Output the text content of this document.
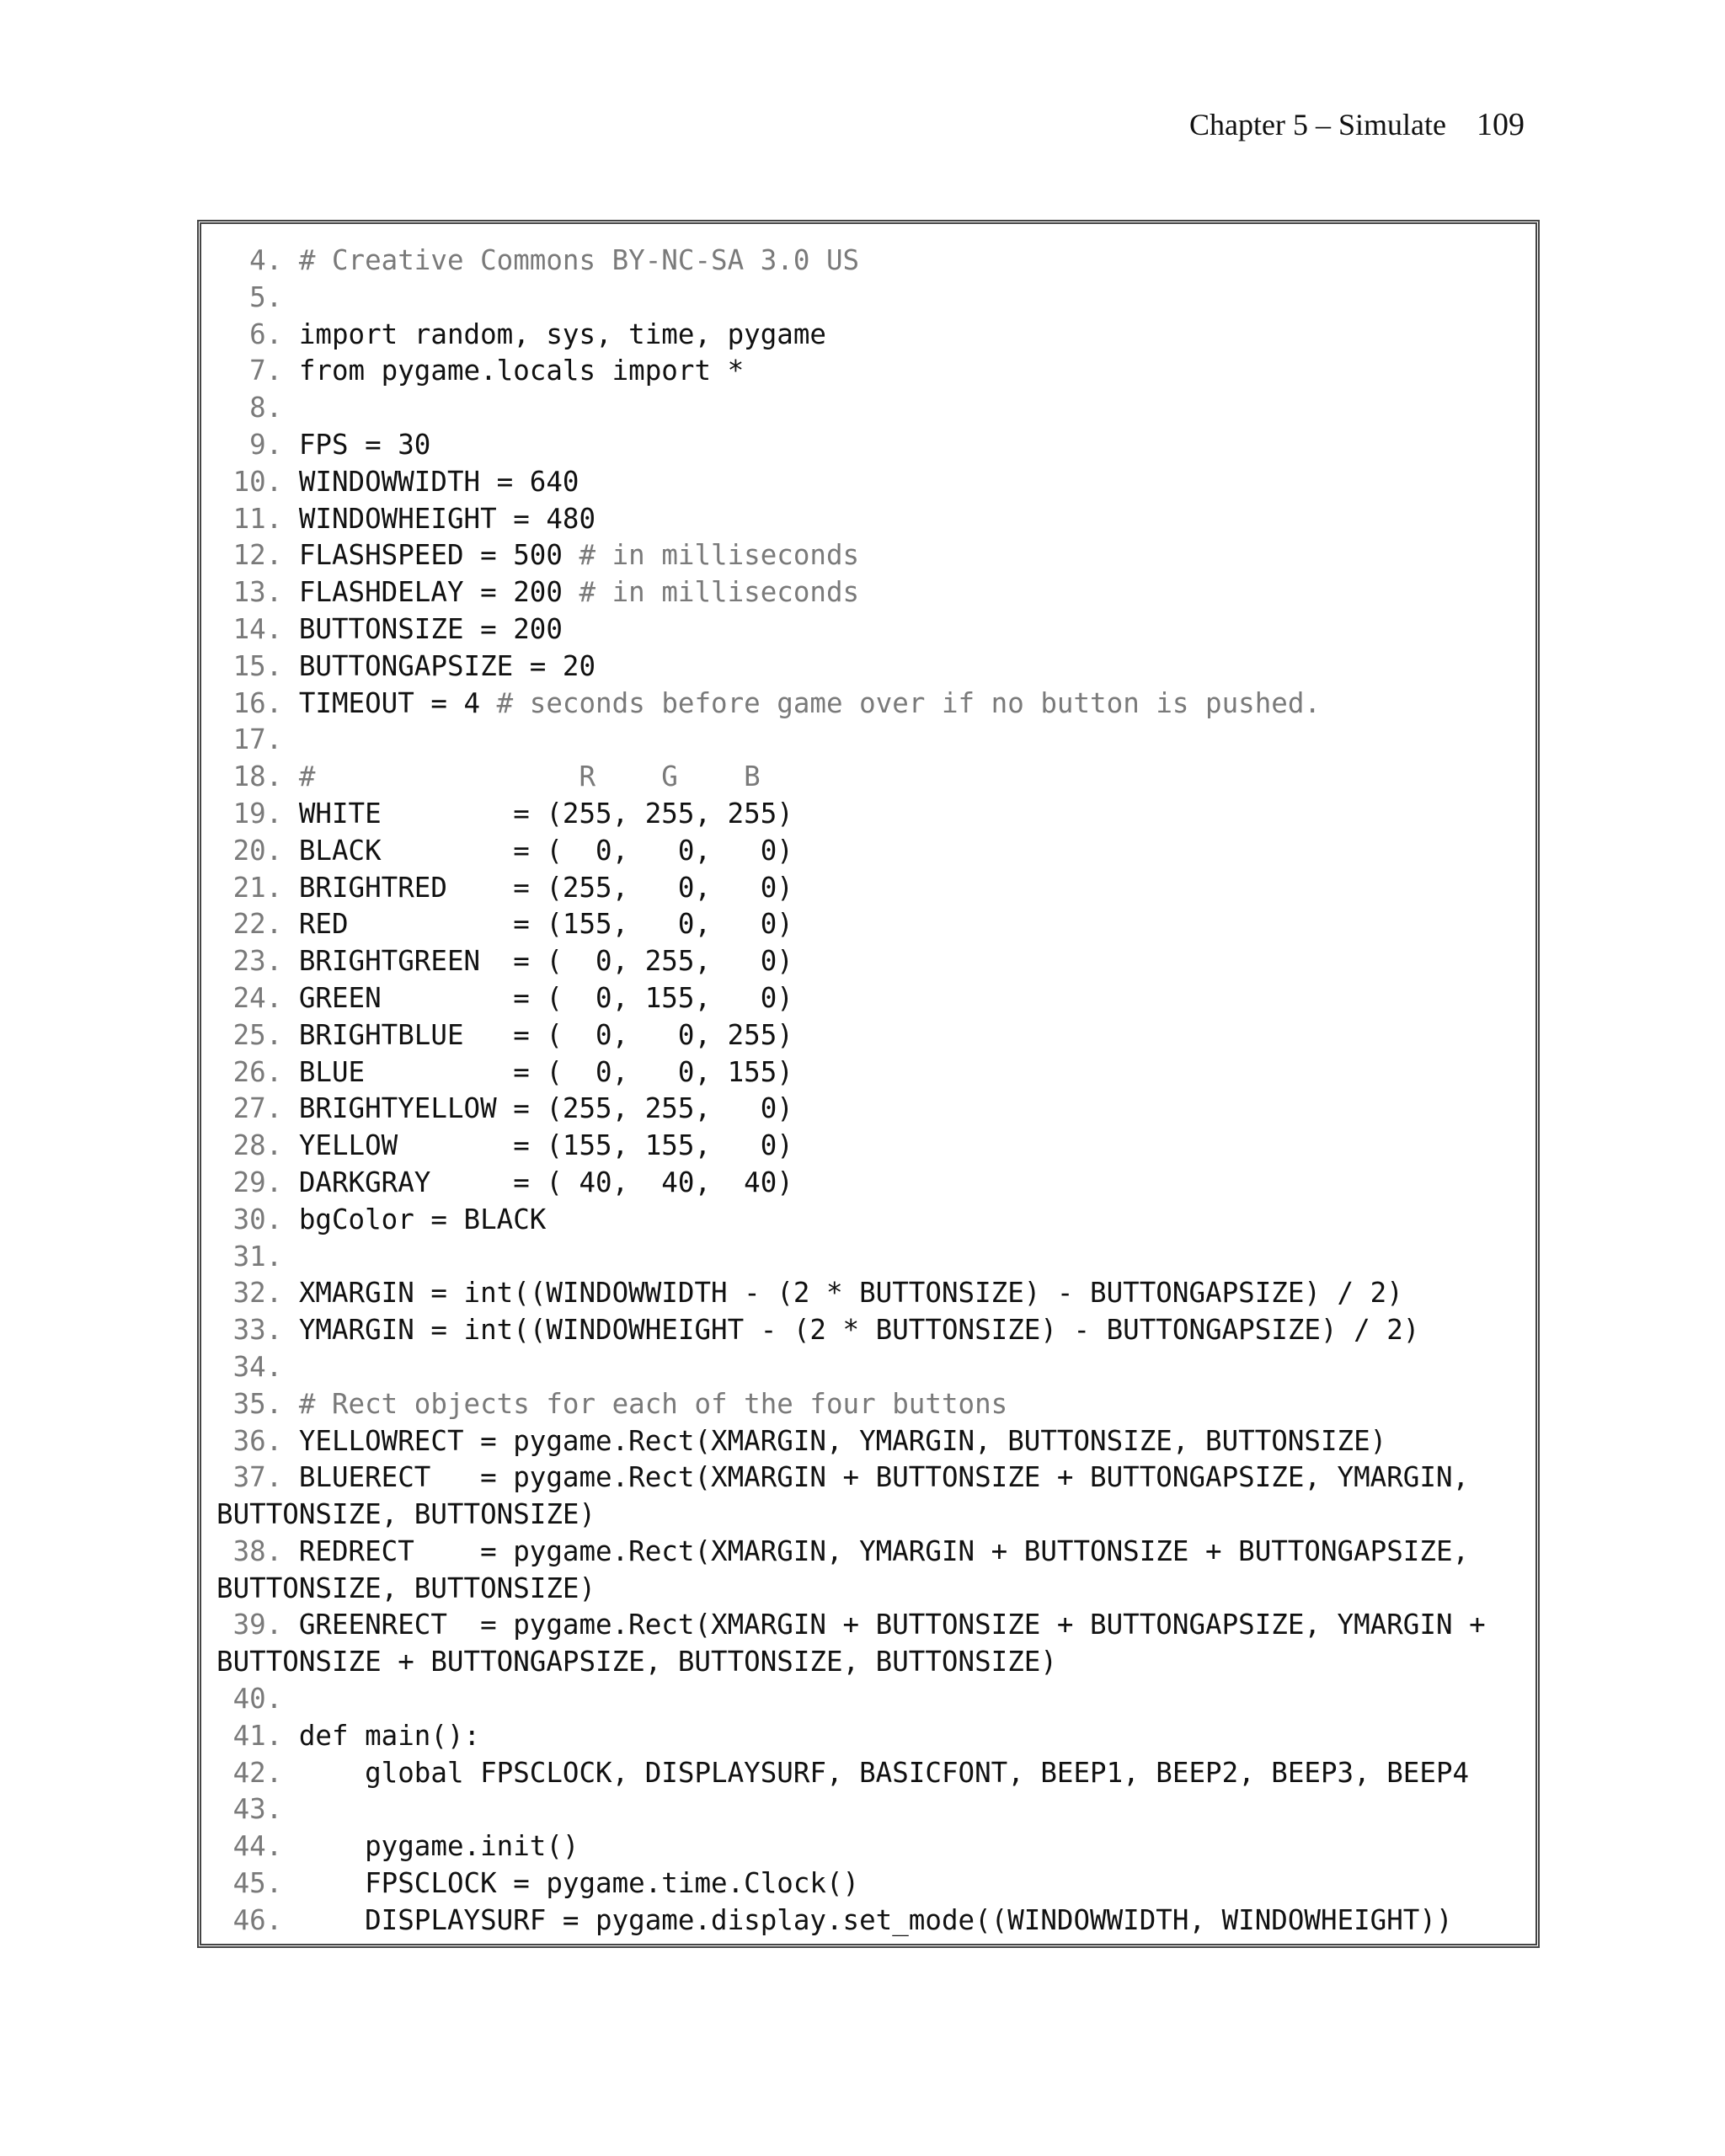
Chapter 5 – Simulate 109
4. # Creative Commons BY-NC-SA 3.0 US
5.
6. import random, sys, time, pygame
7. from pygame.locals import *
8.
9. FPS = 30
10. WINDOWWIDTH = 640
11. WINDOWHEIGHT = 480
12. FLASHSPEED = 500 # in milliseconds
13. FLASHDELAY = 200 # in milliseconds
14. BUTTONSIZE = 200
15. BUTTONGAPSIZE = 20
16. TIMEOUT = 4 # seconds before game over if no button is pushed.
17.
18. #                R    G    B
19. WHITE        = (255, 255, 255)
20. BLACK        = (  0,   0,   0)
21. BRIGHTRED    = (255,   0,   0)
22. RED          = (155,   0,   0)
23. BRIGHTGREEN  = (  0, 255,   0)
24. GREEN        = (  0, 155,   0)
25. BRIGHTBLUE   = (  0,   0, 255)
26. BLUE         = (  0,   0, 155)
27. BRIGHTYELLOW = (255, 255,   0)
28. YELLOW       = (155, 155,   0)
29. DARKGRAY     = ( 40,  40,  40)
30. bgColor = BLACK
31.
32. XMARGIN = int((WINDOWWIDTH - (2 * BUTTONSIZE) - BUTTONGAPSIZE) / 2)
33. YMARGIN = int((WINDOWHEIGHT - (2 * BUTTONSIZE) - BUTTONGAPSIZE) / 2)
34.
35. # Rect objects for each of the four buttons
36. YELLOWRECT = pygame.Rect(XMARGIN, YMARGIN, BUTTONSIZE, BUTTONSIZE)
37. BLUERECT   = pygame.Rect(XMARGIN + BUTTONSIZE + BUTTONGAPSIZE, YMARGIN,
BUTTONSIZE, BUTTONSIZE)
38. REDRECT    = pygame.Rect(XMARGIN, YMARGIN + BUTTONSIZE + BUTTONGAPSIZE,
BUTTONSIZE, BUTTONSIZE)
39. GREENRECT  = pygame.Rect(XMARGIN + BUTTONSIZE + BUTTONGAPSIZE, YMARGIN +
BUTTONSIZE + BUTTONGAPSIZE, BUTTONSIZE, BUTTONSIZE)
40.
41. def main():
42.     global FPSCLOCK, DISPLAYSURF, BASICFONT, BEEP1, BEEP2, BEEP3, BEEP4
43.
44.     pygame.init()
45.     FPSCLOCK = pygame.time.Clock()
46.     DISPLAYSURF = pygame.display.set_mode((WINDOWWIDTH, WINDOWHEIGHT))
